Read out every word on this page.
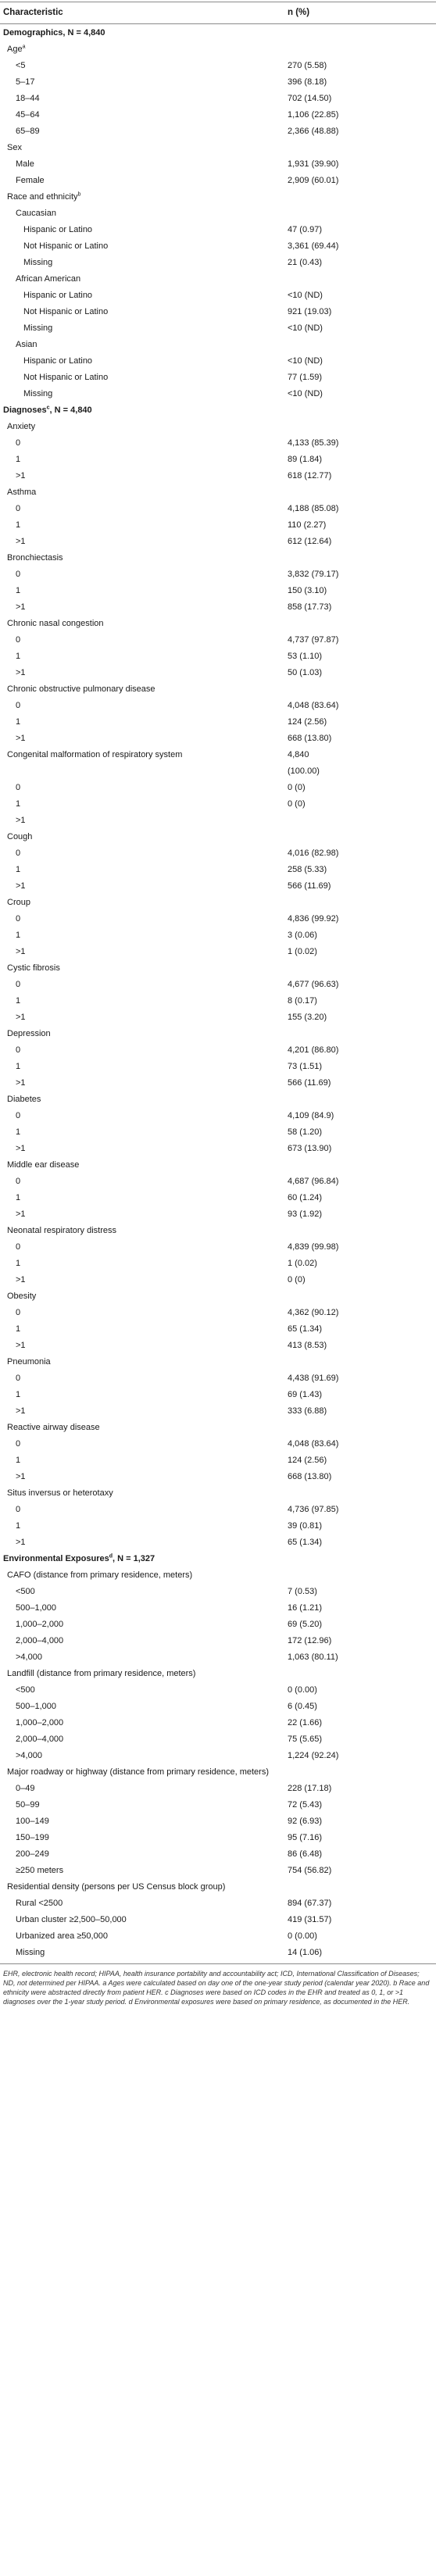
Characteristic	n (%)
Demographics, N = 4,840
Age$^a$
<5	270 (5.58)
5–17	396 (8.18)
18–44	702 (14.50)
45–64	1,106 (22.85)
65–89	2,366 (48.88)
Sex
Male	1,931 (39.90)
Female	2,909 (60.01)
Race and ethnicity$^b$
Caucasian
Hispanic or Latino	47 (0.97)
Not Hispanic or Latino	3,361 (69.44)
Missing	21 (0.43)
African American
Hispanic or Latino	<10 (ND)
Not Hispanic or Latino	921 (19.03)
Missing	<10 (ND)
Asian
Hispanic or Latino	<10 (ND)
Not Hispanic or Latino	77 (1.59)
Missing	<10 (ND)
Diagnoses$^c$, N = 4,840
Anxiety
0	4,133 (85.39)
1	89 (1.84)
>1	618 (12.77)
Asthma
0	4,188 (85.08)
1	110 (2.27)
>1	612 (12.64)
Bronchiectasis
0	3,832 (79.17)
1	150 (3.10)
>1	858 (17.73)
Chronic nasal congestion
0	4,737 (97.87)
1	53 (1.10)
>1	50 (1.03)
Chronic obstructive pulmonary disease
0	4,048 (83.64)
1	124 (2.56)
>1	668 (13.80)
Congenital malformation of respiratory system	4,840
(100.00)
0	0 (0)
1	0 (0)
>1
Cough
0	4,016 (82.98)
1	258 (5.33)
>1	566 (11.69)
Croup
0	4,836 (99.92)
1	3 (0.06)
>1	1 (0.02)
Cystic fibrosis
0	4,677 (96.63)
1	8 (0.17)
>1	155 (3.20)
Depression
0	4,201 (86.80)
1	73 (1.51)
>1	566 (11.69)
Diabetes
0	4,109 (84.9)
1	58 (1.20)
>1	673 (13.90)
Middle ear disease
0	4,687 (96.84)
1	60 (1.24)
>1	93 (1.92)
Neonatal respiratory distress
0	4,839 (99.98)
1	1 (0.02)
>1	0 (0)
Obesity
0	4,362 (90.12)
1	65 (1.34)
>1	413 (8.53)
Pneumonia
0	4,438 (91.69)
1	69 (1.43)
>1	333 (6.88)
Reactive airway disease
0	4,048 (83.64)
1	124 (2.56)
>1	668 (13.80)
Situs inversus or heterotaxy
0	4,736 (97.85)
1	39 (0.81)
>1	65 (1.34)
Environmental Exposures$^d$, N = 1,327
CAFO (distance from primary residence, meters)
<500	7 (0.53)
500–1,000	16 (1.21)
1,000–2,000	69 (5.20)
2,000–4,000	172 (12.96)
>4,000	1,063 (80.11)
Landfill (distance from primary residence, meters)
<500	0 (0.00)
500–1,000	6 (0.45)
1,000–2,000	22 (1.66)
2,000–4,000	75 (5.65)
>4,000	1,224 (92.24)
Major roadway or highway (distance from primary residence, meters)
0–49	228 (17.18)
50–99	72 (5.43)
100–149	92 (6.93)
150–199	95 (7.16)
200–249	86 (6.48)
≥250 meters	754 (56.82)
Residential density (persons per US Census block group)
Rural <2500	894 (67.37)
Urban cluster ≥2,500–50,000	419 (31.57)
Urbanized area ≥50,000	0 (0.00)
Missing	14 (1.06)
EHR, electronic health record; HIPAA, health insurance portability and accountability act; ICD, International Classification of Diseases; ND, not determined per HIPAA. a Ages were calculated based on day one of the one-year study period (calendar year 2020). b Race and ethnicity were abstracted directly from patient HER. c Diagnoses were based on ICD codes in the EHR and treated as 0, 1, or >1 diagnoses over the 1-year study period. d Environmental exposures were based on primary residence, as documented in the HER.
